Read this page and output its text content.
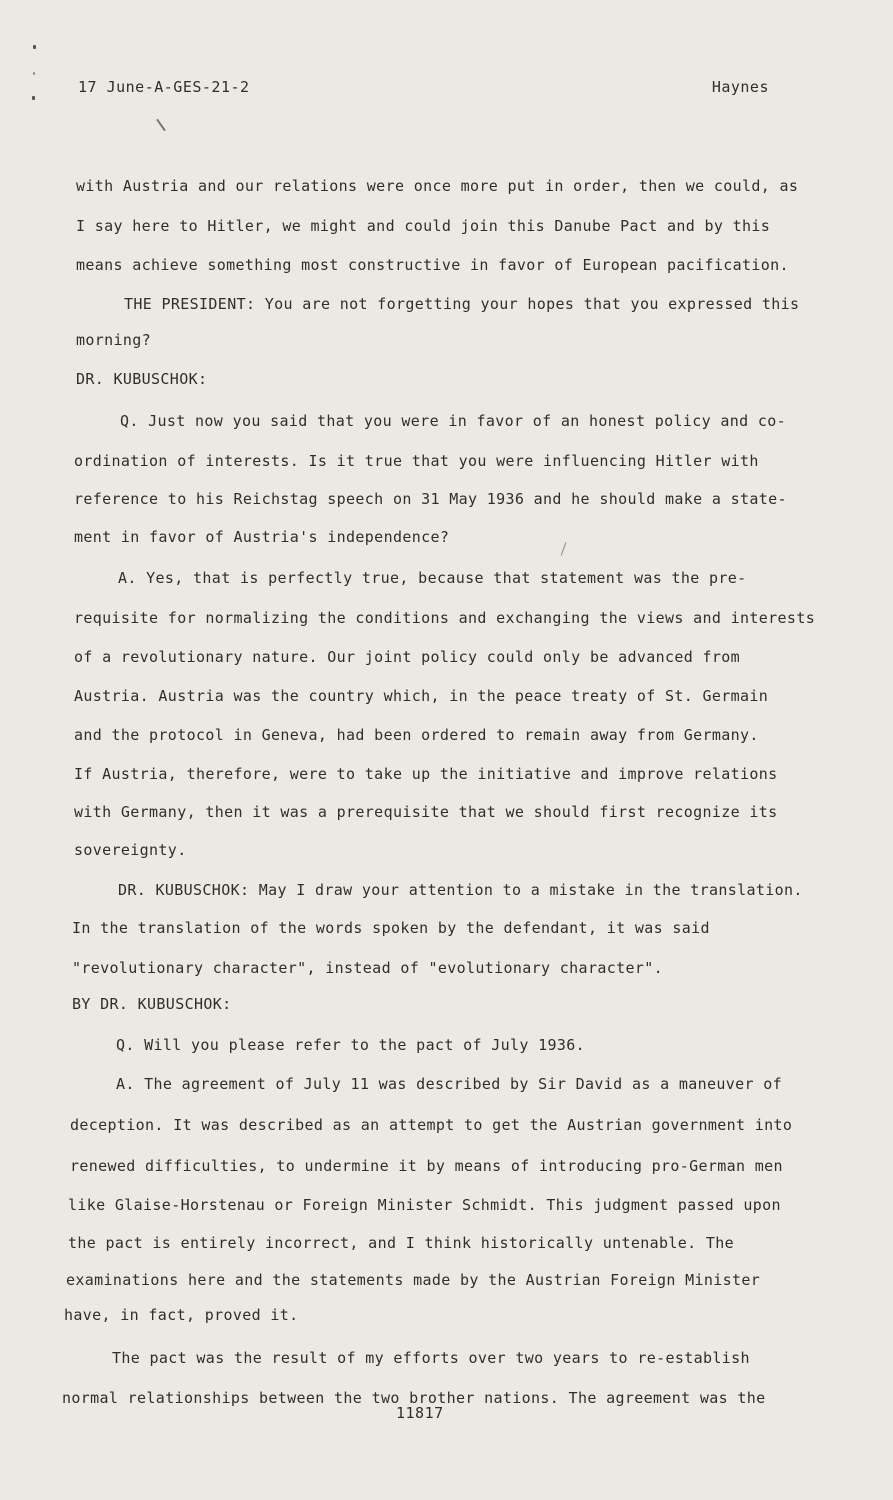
17 June-A-GES-21-2	Haynes
with Austria and our relations were once more put in order, then we could, as
I say here to Hitler, we might and could join this Danube Pact and by this
means achieve something most constructive in favor of European pacification.
THE PRESIDENT: You are not forgetting your hopes that you expressed this
morning?
DR. KUBUSCHOK:
Q. Just now you said that you were in favor of an honest policy and co-
ordination of interests. Is it true that you were influencing Hitler with
reference to his Reichstag speech on 31 May 1936 and he should make a state-
ment in favor of Austria's independence?
A. Yes, that is perfectly true, because that statement was the pre-
requisite for normalizing the conditions and exchanging the views and interests
of a revolutionary nature. Our joint policy could only be advanced from
Austria. Austria was the country which, in the peace treaty of St. Germain
and the protocol in Geneva, had been ordered to remain away from Germany.
If Austria, therefore, were to take up the initiative and improve relations
with Germany, then it was a prerequisite that we should first recognize its
sovereignty.
DR. KUBUSCHOK: May I draw your attention to a mistake in the translation.
In the translation of the words spoken by the defendant, it was said
"revolutionary character", instead of "evolutionary character".
BY DR. KUBUSCHOK:
Q. Will you please refer to the pact of July 1936.
A. The agreement of July 11 was described by Sir David as a maneuver of
deception. It was described as an attempt to get the Austrian government into
renewed difficulties, to undermine it by means of introducing pro-German men
like Glaise-Horstenau or Foreign Minister Schmidt. This judgment passed upon
the pact is entirely incorrect, and I think historically untenable. The
examinations here and the statements made by the Austrian Foreign Minister
have, in fact, proved it.
The pact was the result of my efforts over two years to re-establish
normal relationships between the two brother nations. The agreement was the
11817
